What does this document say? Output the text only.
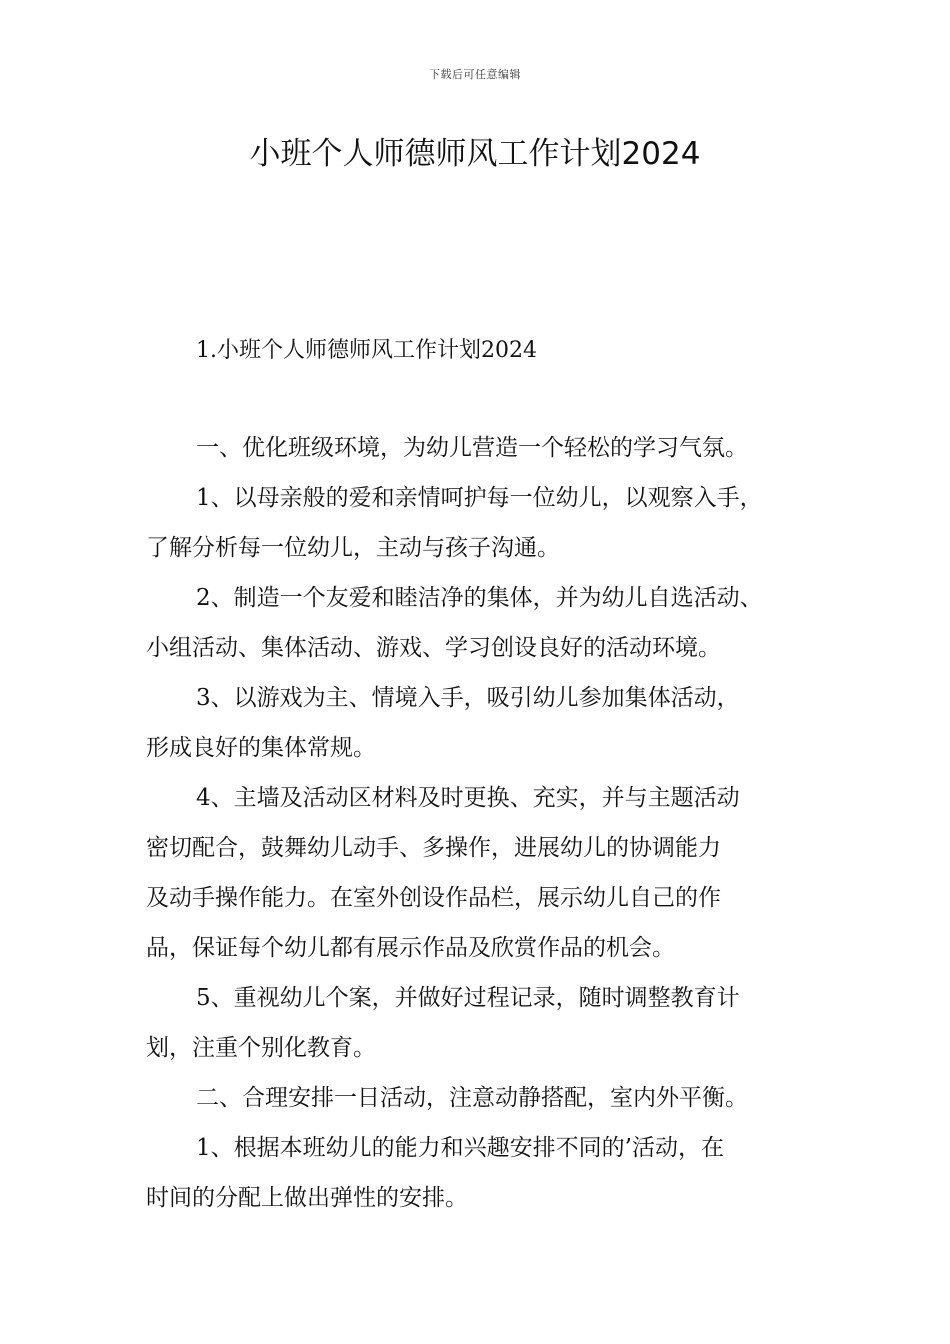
下载后可任意编辑
小班个人师德师风工作计划2024
1.小班个人师德师风工作计划2024

一、优化班级环境，为幼儿营造一个轻松的学习气氛。

1、以母亲般的爱和亲情呵护每一位幼儿，以观察入手，

了解分析每一位幼儿，主动与孩子沟通。

2、制造一个友爱和睦洁净的集体，并为幼儿自选活动、

小组活动、集体活动、游戏、学习创设良好的活动环境。

3、以游戏为主、情境入手，吸引幼儿参加集体活动，

形成良好的集体常规。

4、主墙及活动区材料及时更换、充实，并与主题活动

密切配合，鼓舞幼儿动手、多操作，进展幼儿的协调能力

及动手操作能力。在室外创设作品栏，展示幼儿自己的作

品，保证每个幼儿都有展示作品及欣赏作品的机会。

5、重视幼儿个案，并做好过程记录，随时调整教育计

划，注重个别化教育。

二、合理安排一日活动，注意动静搭配，室内外平衡。

1、根据本班幼儿的能力和兴趣安排不同的’活动，在

时间的分配上做出弹性的安排。
